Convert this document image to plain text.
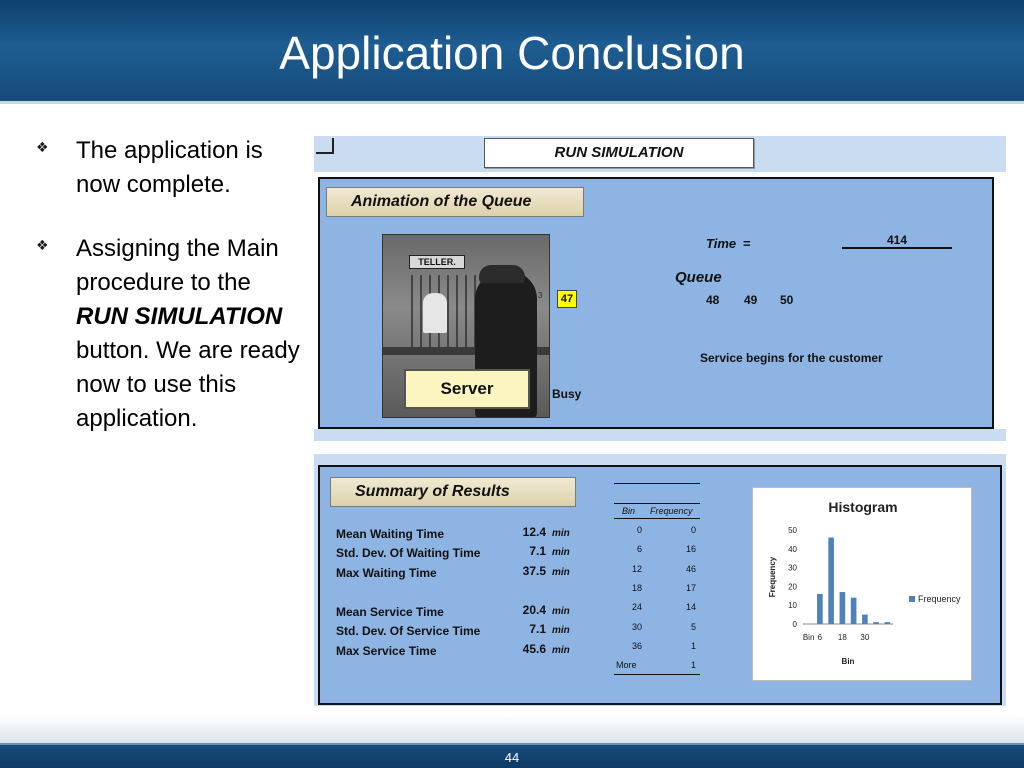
Application Conclusion
❖ The application is now complete.
❖ Assigning the Main procedure to the RUN SIMULATION button. We are ready now to use this application.
RUN SIMULATION
Animation of the Queue
TELLER.
Server	Busy
3	47
Time =	414
Queue
48 49 50
Service begins for the customer
Summary of Results
Mean Waiting Time	12.4 min
Std. Dev. Of Waiting Time	7.1 min
Max Waiting Time	37.5 min
Mean Service Time	20.4 min
Std. Dev. Of Service Time	7.1 min
Max Service Time	45.6 min
Bin Frequency
0	0
6	16
12	46
18	17
24	14
30	5
36	1
More	1
Histogram
0
10
20
30
40
50
Bin 6 18 30
Bin
Frequency
Frequency
44
